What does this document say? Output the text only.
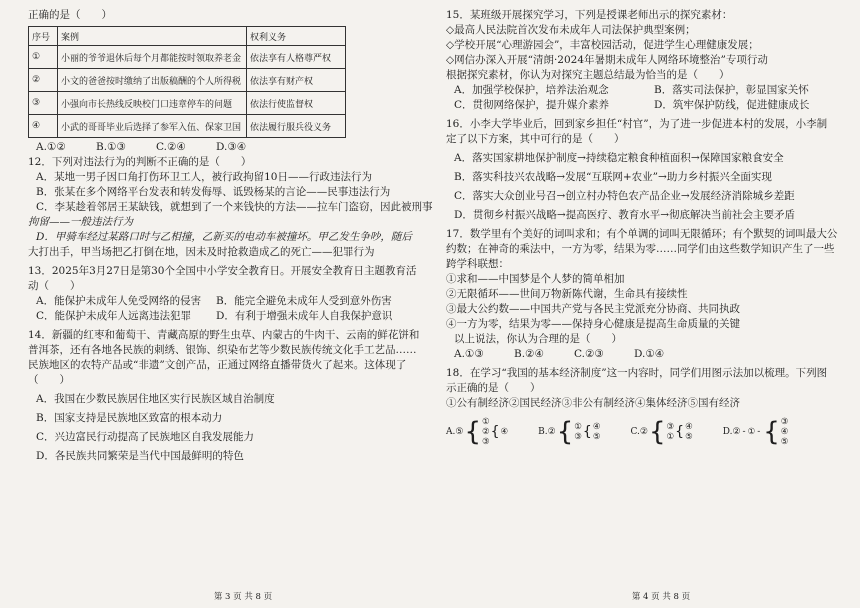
正确的是（　　）

序号	案例	权利义务
①	小丽的爷爷退休后每个月都能按时领取养老金	依法享有人格尊严权
②	小文的爸爸按时缴纳了出版稿酬的个人所得税	依法享有财产权
③	小强向市长热线反映校门口违章停车的问题	依法行使监督权
④	小武的哥哥毕业后选择了参军入伍、保家卫国	依法履行服兵役义务

A.①②	B.①③	C.②④	D.③④

12．下列对违法行为的判断不正确的是（　　）

A．某地一男子因口角打伤环卫工人，被行政拘留10日——行政违法行为

B．张某在多个网络平台发表和转发侮辱、诋毁杨某的言论——民事违法行为

C．李某趁着邻居王某缺钱，就想到了一个来钱快的方法——拉车门盗窃，因此被刑事

拘留——一般违法行为

D．甲骑车经过某路口时与乙相撞，乙新买的电动车被撞坏。甲乙发生争吵，随后

大打出手，甲当场把乙打倒在地，因未及时抢救造成乙的死亡——犯罪行为

13．2025年3月27日是第30个全国中小学安全教育日。开展安全教育日主题教育活

动（　　）

A．能保护未成年人免受网络的侵害 B．能完全避免未成年人受到意外伤害

C．能保护未成年人远离违法犯罪 D．有利于增强未成年人自我保护意识

14．新疆的红枣和葡萄干、青藏高原的野生虫草、内蒙古的牛肉干、云南的鲜花饼和

普洱茶，还有各地各民族的刺绣、银饰、织染布艺等少数民族传统文化手工艺品……

民族地区的农特产品或“非遗”文创产品，正通过网络直播带货火了起来。这体现了

（　　）

A．我国在少数民族居住地区实行民族区域自治制度

B．国家支持是民族地区致富的根本动力

C．兴边富民行动提高了民族地区自我发展能力

D．各民族共同繁荣是当代中国最鲜明的特色

第 3 页 共 8 页

15．某班级开展探究学习，下列是授课老师出示的探究素材：

◇最高人民法院首次发布未成年人司法保护典型案例；

◇学校开展“心理游园会”，丰富校园活动，促进学生心理健康发展；

◇网信办深入开展“清朗·2024年暑期未成年人网络环境整治”专项行动

根据探究素材，你认为对探究主题总结最为恰当的是（　　）

A．加强学校保护，培养法治观念	B．落实司法保护，彰显国家关怀

C．贯彻网络保护，提升媒介素养	D．筑牢保护防线，促进健康成长

16．小李大学毕业后，回到家乡担任“村官”，为了进一步促进本村的发展，小李制

定了以下方案，其中可行的是（　　）

A．落实国家耕地保护制度→持续稳定粮食种植面积→保障国家粮食安全

B．落实科技兴农战略→发展“互联网+农业”→助力乡村振兴全面实现

C．落实大众创业号召→创立村办特色农产品企业→发展经济消除城乡差距

D．贯彻乡村振兴战略→提高医疗、教育水平→彻底解决当前社会主要矛盾

17．数学里有个美好的词叫求和；有个单调的词叫无限循环；有个默契的词叫最大公

约数；在神奇的乘法中，一方为零，结果为零……同学们由这些数学知识产生了一些

跨学科联想：

①求和——中国梦是个人梦的简单相加

②无限循环——世间万物新陈代谢，生命具有接续性

③最大公约数——中国共产党与各民主党派充分协商、共同执政

④一方为零，结果为零——保持身心健康是提高生命质量的关键

以上说法，你认为合理的是（　　）

A.①③	B.②④	C.②③	D.①④

18．在学习“我国的基本经济制度”这一内容时，同学们用图示法加以梳理。下列图

示正确的是（　　）

①公有制经济②国民经济③非公有制经济④集体经济⑤国有经济

A. ⑤ { ①
②
③
{ ④	B. ② { ①
③ { ④
⑤	C. ② { ③
① { ④
⑤	D. ② - ① - { ③
④
⑤
第 4 页 共 8 页
